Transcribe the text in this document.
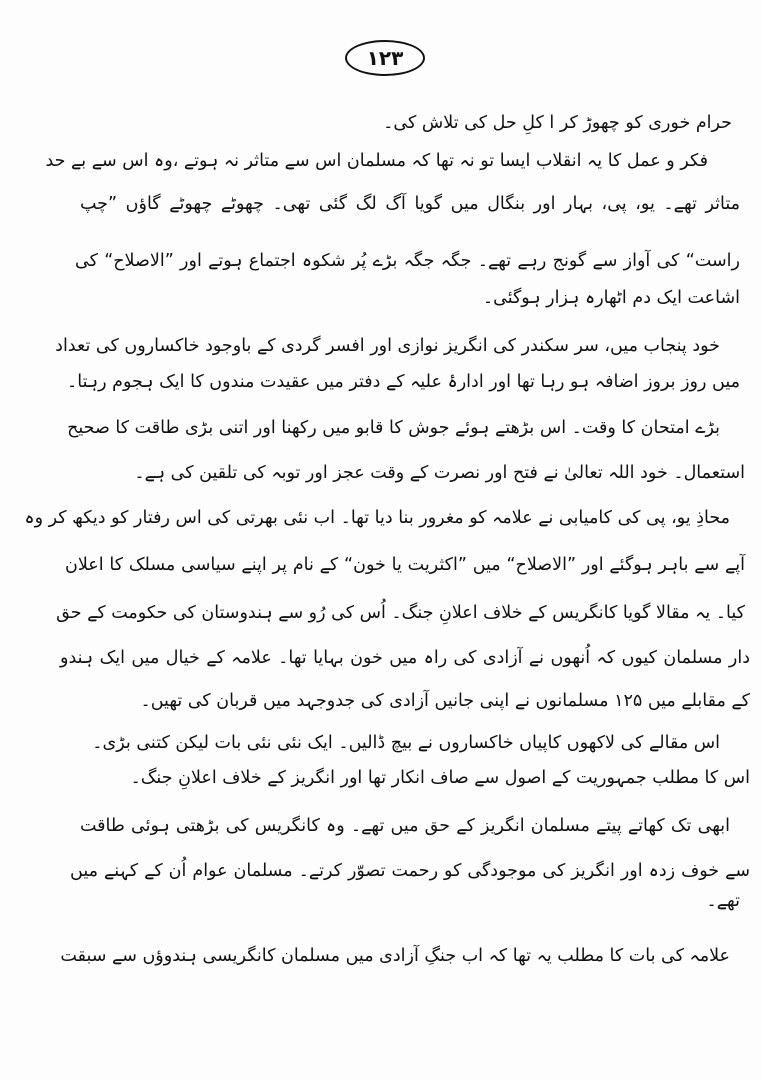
۱۲۳
حرام خوری کو چھوڑ کر ا کلِ حل کی تلاش کی۔
فکر و عمل کا یہ انقلاب ایسا تو نہ تھا کہ مسلمان اس سے متاثر نہ ہوتے ،وہ اس سے بے حد
متاثر تھے۔ یو، پی، بہار اور بنگال میں گویا آگ لگ گئی تھی۔ چھوٹے چھوٹے گاؤں ”چپ
راست“ کی آواز سے گونج رہے تھے۔ جگہ جگہ بڑے پُر شکوہ اجتماع ہوتے اور ”الاصلاح“ کی
اشاعت ایک دم اٹھارہ ہزار ہوگئی۔
خود پنجاب میں، سر سکندر کی انگریز نوازی اور افسر گردی کے باوجود خاکساروں کی تعداد
میں روز بروز اضافہ ہو رہا تھا اور ادارۂ علیہ کے دفتر میں عقیدت مندوں کا ایک ہجوم رہتا۔
بڑے امتحان کا وقت۔ اس بڑھتے ہوئے جوش کا قابو میں رکھنا اور اتنی بڑی طاقت کا صحیح
استعمال۔ خود اللہ تعالیٰ نے فتح اور نصرت کے وقت عجز اور توبہ کی تلقین کی ہے۔
محاذِ یو، پی کی کامیابی نے علامہ کو مغرور بنا دیا تھا۔ اب نئی بھرتی کی اس رفتار کو دیکھ کر وہ
آپے سے باہر ہوگئے اور ”الاصلاح“ میں ”اکثریت یا خون“ کے نام پر اپنے سیاسی مسلک کا اعلان
کیا۔ یہ مقالا گویا کانگریس کے خلاف اعلانِ جنگ۔ اُس کی رُو سے ہندوستان کی حکومت کے حق
دار مسلمان کیوں کہ اُنھوں نے آزادی کی راہ میں خون بہایا تھا۔ علامہ کے خیال میں ایک ہندو
کے مقابلے میں ۱۲۵ مسلمانوں نے اپنی جانیں آزادی کی جدوجہد میں قربان کی تھیں۔
اس مقالے کی لاکھوں کاپیاں خاکساروں نے بیچ ڈالیں۔ ایک نئی نئی بات لیکن کتنی بڑی۔
اس کا مطلب جمہوریت کے اصول سے صاف انکار تھا اور انگریز کے خلاف اعلانِ جنگ۔
ابھی تک کھاتے پیتے مسلمان انگریز کے حق میں تھے۔ وہ کانگریس کی بڑھتی ہوئی طاقت
سے خوف زدہ اور انگریز کی موجودگی کو رحمت تصوّر کرتے۔ مسلمان عوام اُن کے کہنے میں
تھے۔
علامہ کی بات کا مطلب یہ تھا کہ اب جنگِ آزادی میں مسلمان کانگریسی ہندوؤں سے سبقت
